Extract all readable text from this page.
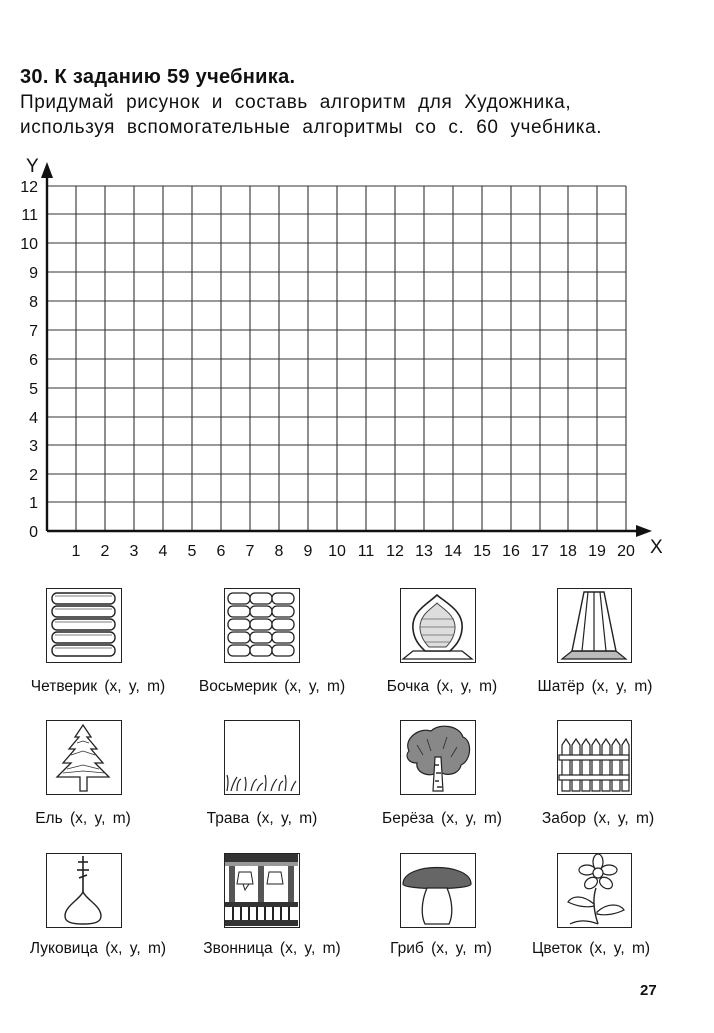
30. К заданию 59 учебника.
Придумай рисунок и составь алгоритм для Художника,
используя вспомогательные алгоритмы со с. 60 учебника.
1 2 3 4 5 6 7 8 9 10 11 12 13 14 15 16 17 18 19 20
0
1
2
3
4
5
6
7
8
9
10
11
12
X
Y
Четверик (x, y, m)	Восьмерик (x, y, m)	Бочка (x, y, m)	Шатёр (x, y, m)
Ель (x, y, m)	Трава (x, y, m)	Берёза (x, y, m)	Забор (x, y, m)
Луковица (x, y, m)	Звонница (x, y, m)	Гриб (x, y, m)	Цветок (x, y, m)
27
